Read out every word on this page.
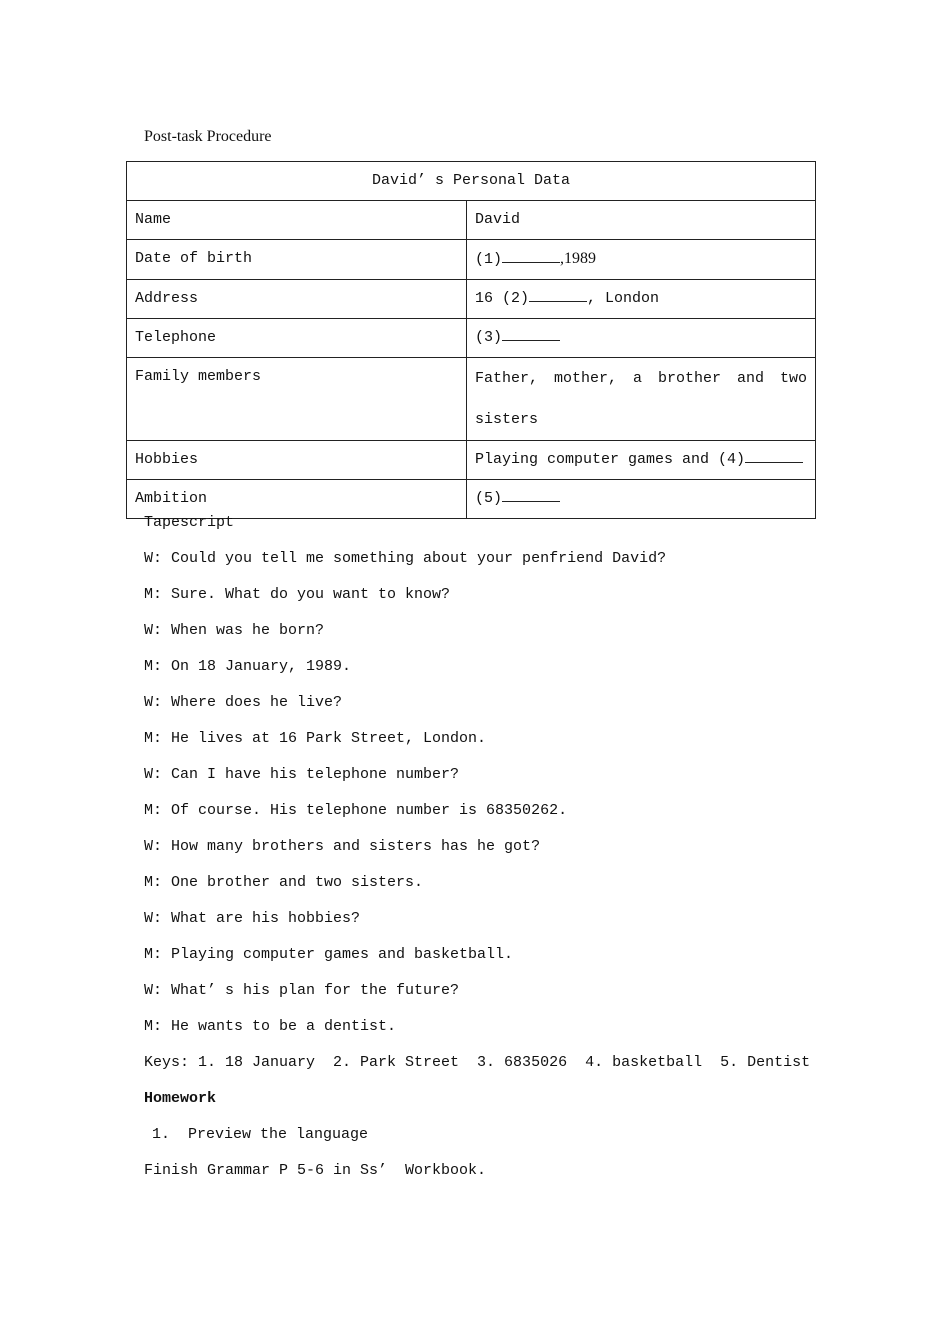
Post-task Procedure
David’ s Personal Data	
Name	David
Date of birth	(1) ,1989
Address	16 (2) , London
Telephone	(3)
Family members	Father, mother, a brother and two sisters
Hobbies	Playing computer games and (4)
Ambition	(5)
Tapescript
W: Could you tell me something about your penfriend David?
M: Sure. What do you want to know?
W: When was he born?
M: On 18 January, 1989.
W: Where does he live?
M: He lives at 16 Park Street, London.
W: Can I have his telephone number?
M: Of course. His telephone number is 68350262.
W: How many brothers and sisters has he got?
M: One brother and two sisters.
W: What are his hobbies?
M: Playing computer games and basketball.
W: What’ s his plan for the future?
M: He wants to be a dentist.
Keys: 1. 18 January  2. Park Street  3. 6835026  4. basketball  5. Dentist
Homework
1.  Preview the language
Finish Grammar P 5-6 in Ss’  Workbook.
